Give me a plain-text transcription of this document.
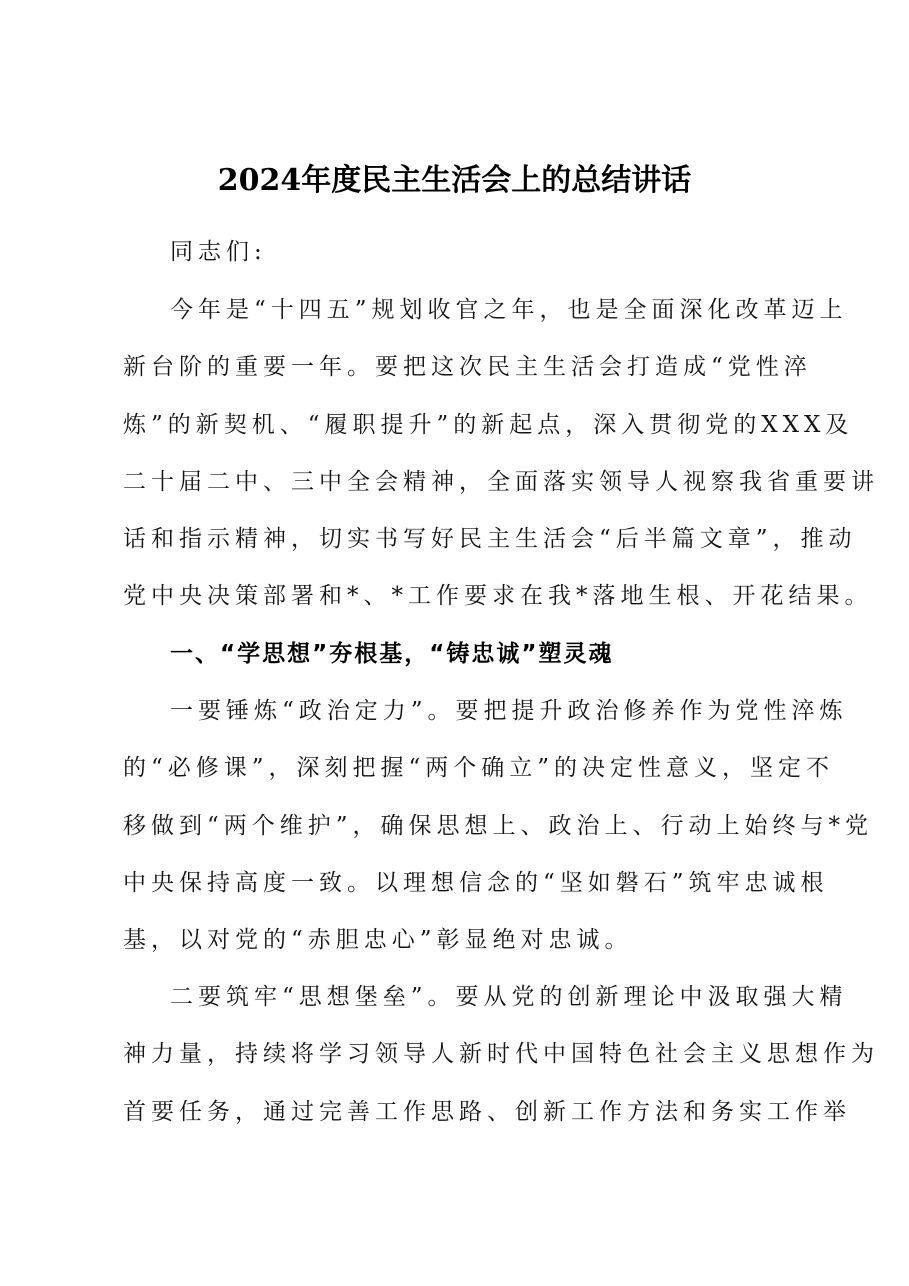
2024年度民主生活会上的总结讲话
同志们:
今年是“十四五”规划收官之年，也是全面深化改革迈上
新台阶的重要一年。要把这次民主生活会打造成“党性淬
炼”的新契机、“履职提升”的新起点，深入贯彻党的XXX及
二十届二中、三中全会精神，全面落实领导人视察我省重要讲
话和指示精神，切实书写好民主生活会“后半篇文章”，推动
党中央决策部署和*、*工作要求在我*落地生根、开花结果。
一、“学思想”夯根基，“铸忠诚”塑灵魂
一要锤炼“政治定力”。要把提升政治修养作为党性淬炼
的“必修课”，深刻把握“两个确立”的决定性意义，坚定不
移做到“两个维护”，确保思想上、政治上、行动上始终与*党
中央保持高度一致。以理想信念的“坚如磐石”筑牢忠诚根
基，以对党的“赤胆忠心”彰显绝对忠诚。
二要筑牢“思想堡垒”。要从党的创新理论中汲取强大精
神力量，持续将学习领导人新时代中国特色社会主义思想作为
首要任务，通过完善工作思路、创新工作方法和务实工作举
